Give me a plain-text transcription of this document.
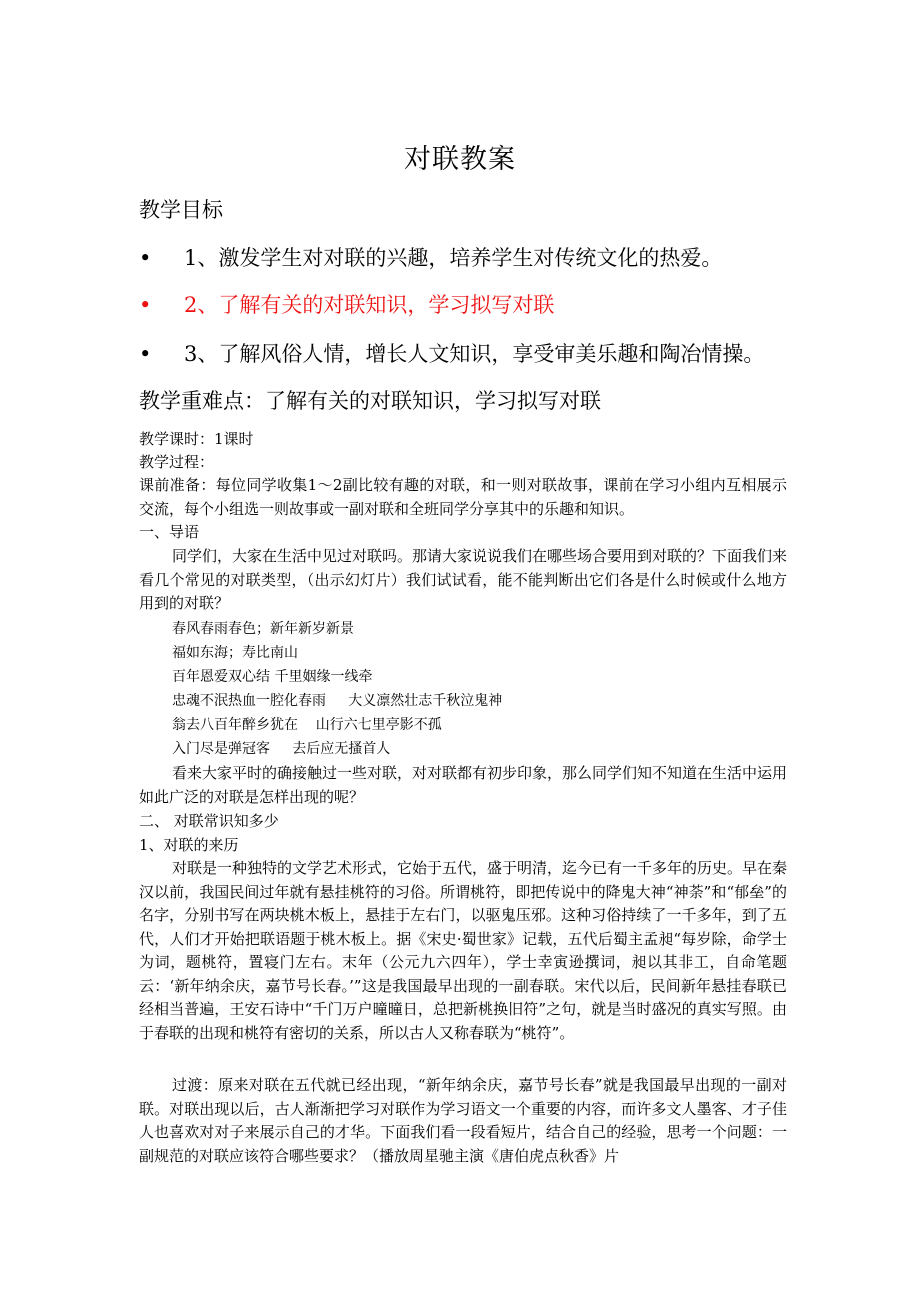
对联教案
教学目标
• 1、激发学生对对联的兴趣，培养学生对传统文化的热爱。
• 2、了解有关的对联知识，学习拟写对联
• 3、了解风俗人情，增长人文知识，享受审美乐趣和陶冶情操。
教学重难点：了解有关的对联知识，学习拟写对联
教学课时：1课时
教学过程：
课前准备：每位同学收集1～2副比较有趣的对联，和一则对联故事，课前在学习小组内互相展示交流，每个小组选一则故事或一副对联和全班同学分享其中的乐趣和知识。
一、导语
同学们，大家在生活中见过对联吗。那请大家说说我们在哪些场合要用到对联的？下面我们来看几个常见的对联类型，（出示幻灯片）我们试试看，能不能判断出它们各是什么时候或什么地方用到的对联？
春风春雨春色；新年新岁新景
福如东海；寿比南山
百年恩爱双心结 千里姻缘一线牵
忠魂不泯热血一腔化春雨     大义凛然壮志千秋泣鬼神
翁去八百年醉乡犹在    山行六七里亭影不孤
入门尽是弹冠客     去后应无搔首人
看来大家平时的确接触过一些对联，对对联都有初步印象，那么同学们知不知道在生活中运用如此广泛的对联是怎样出现的呢？
二、 对联常识知多少
1、对联的来历
对联是一种独特的文学艺术形式，它始于五代，盛于明清，迄今已有一千多年的历史。早在秦汉以前，我国民间过年就有悬挂桃符的习俗。所谓桃符，即把传说中的降鬼大神“神荼”和“郁垒”的名字，分别书写在两块桃木板上，悬挂于左右门，以驱鬼压邪。这种习俗持续了一千多年，到了五代，人们才开始把联语题于桃木板上。据《宋史·蜀世家》记载，五代后蜀主孟昶“每岁除，命学士为词，题桃符，置寝门左右。末年（公元九六四年），学士幸寅逊撰词，昶以其非工，自命笔题云：‘新年纳余庆，嘉节号长春。’”这是我国最早出现的一副春联。宋代以后，民间新年悬挂春联已经相当普遍，王安石诗中“千门万户曈曈日，总把新桃换旧符”之句，就是当时盛况的真实写照。由于春联的出现和桃符有密切的关系，所以古人又称春联为“桃符”。
过渡：原来对联在五代就已经出现，“新年纳余庆，嘉节号长春”就是我国最早出现的一副对联。对联出现以后，古人渐渐把学习对联作为学习语文一个重要的内容，而许多文人墨客、才子佳人也喜欢对对子来展示自己的才华。下面我们看一段看短片，结合自己的经验，思考一个问题：一副规范的对联应该符合哪些要求？（播放周星驰主演《唐伯虎点秋香》片
